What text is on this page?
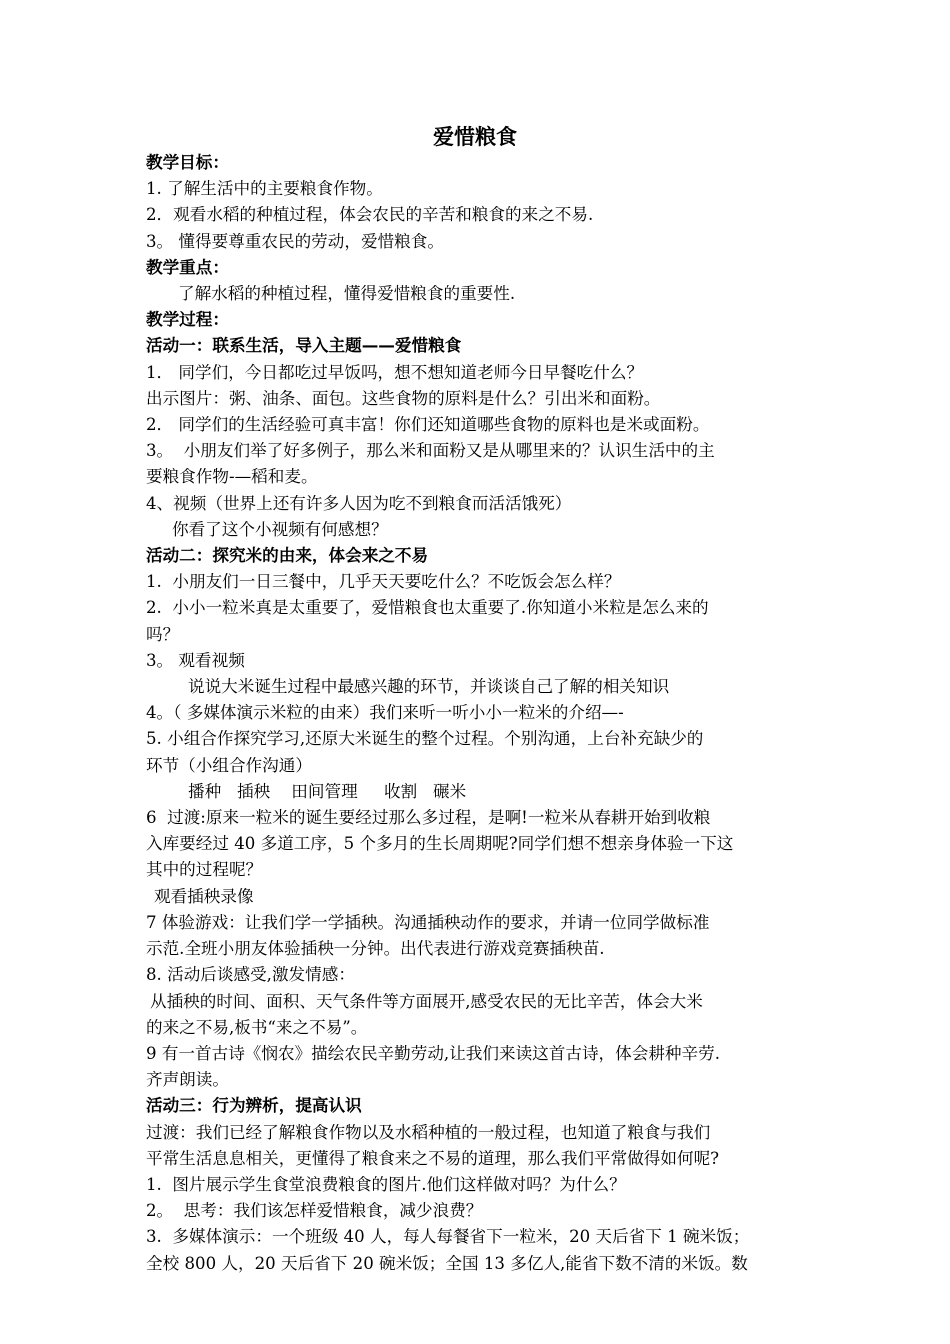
爱惜粮食

教学目标：

1. 了解生活中的主要粮食作物。

2．观看水稻的种植过程，体会农民的辛苦和粮食的来之不易.

3。 懂得要尊重农民的劳动，爱惜粮食。

教学重点：

了解水稻的种植过程，懂得爱惜粮食的重要性.

教学过程：

活动一：联系生活，导入主题——爱惜粮食

1． 同学们，今日都吃过早饭吗，想不想知道老师今日早餐吃什么？

出示图片：粥、油条、面包。这些食物的原料是什么？引出米和面粉。

2． 同学们的生活经验可真丰富！你们还知道哪些食物的原料也是米或面粉。

3。  小朋友们举了好多例子，那么米和面粉又是从哪里来的？认识生活中的主

要粮食作物-—稻和麦。

4、视频（世界上还有许多人因为吃不到粮食而活活饿死）

你看了这个小视频有何感想？

活动二：探究米的由来，体会来之不易

1.  小朋友们一日三餐中，几乎天天要吃什么？不吃饭会怎么样？

2.  小小一粒米真是太重要了，爱惜粮食也太重要了.你知道小米粒是怎么来的

吗？

3。 观看视频

说说大米诞生过程中最感兴趣的环节，并谈谈自己了解的相关知识

4。（ 多媒体演示米粒的由来）我们来听一听小小一粒米的介绍—-

5. 小组合作探究学习,还原大米诞生的整个过程。个别沟通，上台补充缺少的

环节（小组合作沟通）

播种   插秧    田间管理     收割   碾米

6  过渡:原来一粒米的诞生要经过那么多过程，是啊!一粒米从春耕开始到收粮

入库要经过 40 多道工序，5 个多月的生长周期呢?同学们想不想亲身体验一下这

其中的过程呢？

观看插秧录像

7 体验游戏：让我们学一学插秧。沟通插秧动作的要求，并请一位同学做标准

示范.全班小朋友体验插秧一分钟。出代表进行游戏竞赛插秧苗.

8. 活动后谈感受,激发情感：

从插秧的时间、面积、天气条件等方面展开,感受农民的无比辛苦，体会大米

的来之不易,板书“来之不易”。

9 有一首古诗《悯农》描绘农民辛勤劳动,让我们来读这首古诗，体会耕种辛劳.

齐声朗读。

活动三：行为辨析，提高认识

过渡：我们已经了解粮食作物以及水稻种植的一般过程，也知道了粮食与我们

平常生活息息相关，更懂得了粮食来之不易的道理，那么我们平常做得如何呢?

1.  图片展示学生食堂浪费粮食的图片.他们这样做对吗？为什么？

2。  思考：我们该怎样爱惜粮食，减少浪费？

3.  多媒体演示：一个班级 40 人，每人每餐省下一粒米，20 天后省下 1 碗米饭；

全校 800 人，20 天后省下 20 碗米饭；全国 13 多亿人,能省下数不清的米饭。数
